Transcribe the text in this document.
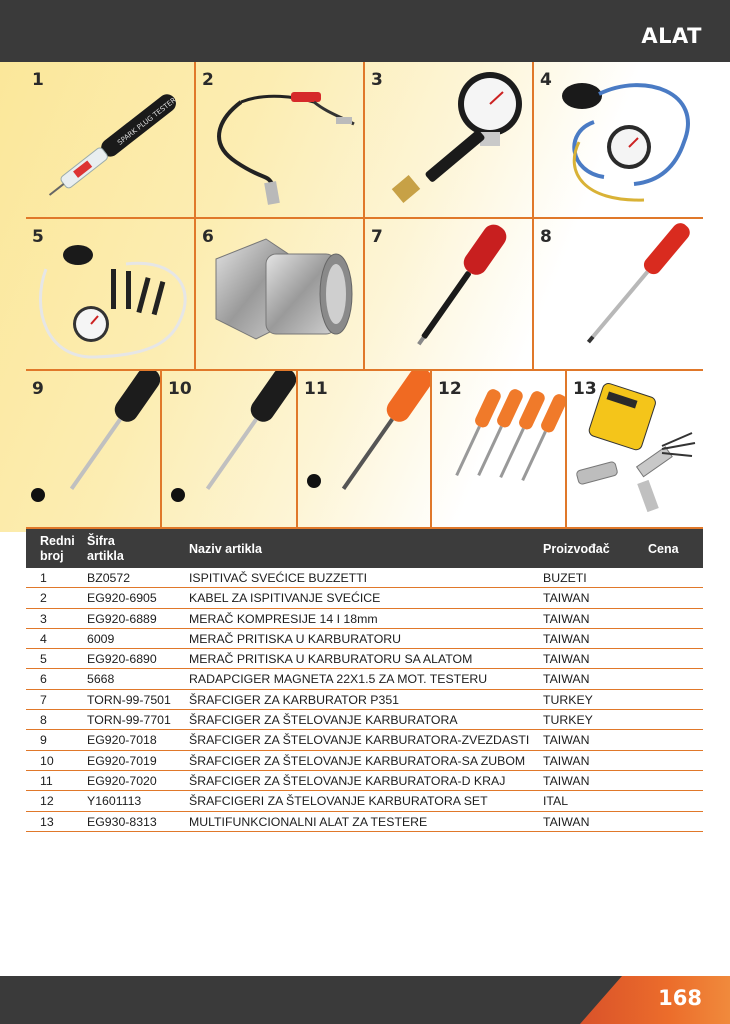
ALAT
1
SPARK PLUG TESTER
2	3	4
5	6	7	8
9	10	11	12	13
Redni
broj
Šifra
artikla	Naziv artikla	Proizvođač	Cena
1	BZ0572	ISPITIVAČ SVEĆICE BUZZETTI	BUZETI
2	EG920-6905	KABEL ZA ISPITIVANJE SVEĆICE	TAIWAN
3	EG920-6889	MERAČ KOMPRESIJE 14 I 18mm	TAIWAN
4	6009	MERAČ PRITISKA U KARBURATORU	TAIWAN
5	EG920-6890	MERAČ PRITISKA U KARBURATORU SA ALATOM	TAIWAN
6	5668	RADAPCIGER MAGNETA 22X1.5 ZA MOT. TESTERU	TAIWAN
7	TORN-99-7501 ŠRAFCIGER ZA KARBURATOR P351	TURKEY
8	TORN-99-7701 ŠRAFCIGER ZA ŠTELOVANJE KARBURATORA	TURKEY
9	EG920-7018	ŠRAFCIGER ZA ŠTELOVANJE KARBURATORA-ZVEZDASTI TAIWAN
10	EG920-7019	ŠRAFCIGER ZA ŠTELOVANJE KARBURATORA-SA ZUBOM TAIWAN
11	EG920-7020	ŠRAFCIGER ZA ŠTELOVANJE KARBURATORA-D KRAJ	TAIWAN
12	Y1601113	ŠRAFCIGERI ZA ŠTELOVANJE KARBURATORA SET	ITAL
13	EG930-8313	MULTIFUNKCIONALNI ALAT ZA TESTERE	TAIWAN
168
